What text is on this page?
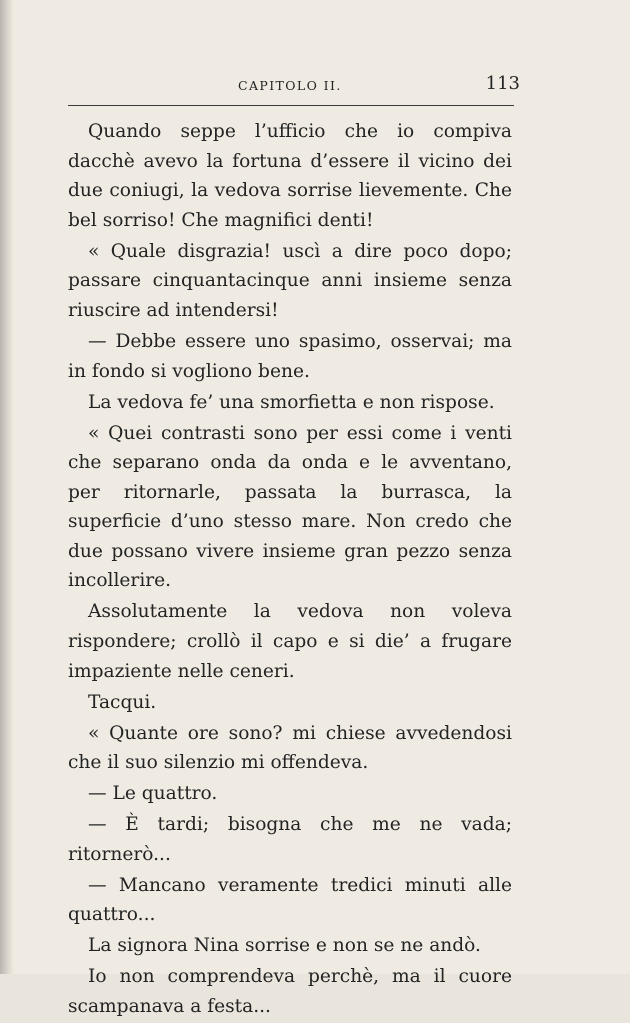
CAPITOLO II.	113

Quando seppe l’ufficio che io compiva dacchè avevo la fortuna d’essere il vicino dei due coniugi, la vedova sorrise lievemente. Che bel sorriso! Che magnifici denti!

« Quale disgrazia! uscì a dire poco dopo; passare cinquantacinque anni insieme senza riuscire ad intendersi!

— Debbe essere uno spasimo, osservai; ma in fondo si vogliono bene.

La vedova fe’ una smorfietta e non rispose.

« Quei contrasti sono per essi come i venti che separano onda da onda e le avventano, per ritornarle, passata la burrasca, la superficie d’uno stesso mare. Non credo che due possano vivere insieme gran pezzo senza incollerire.

Assolutamente la vedova non voleva rispondere; crollò il capo e si die’ a frugare impaziente nelle ceneri.

Tacqui.

« Quante ore sono? mi chiese avvedendosi che il suo silenzio mi offendeva.

— Le quattro.

— È tardi; bisogna che me ne vada; ritornerò...

— Mancano veramente tredici minuti alle quattro...

La signora Nina sorrise e non se ne andò.

Io non comprendeva perchè, ma il cuore scampanava a festa...
